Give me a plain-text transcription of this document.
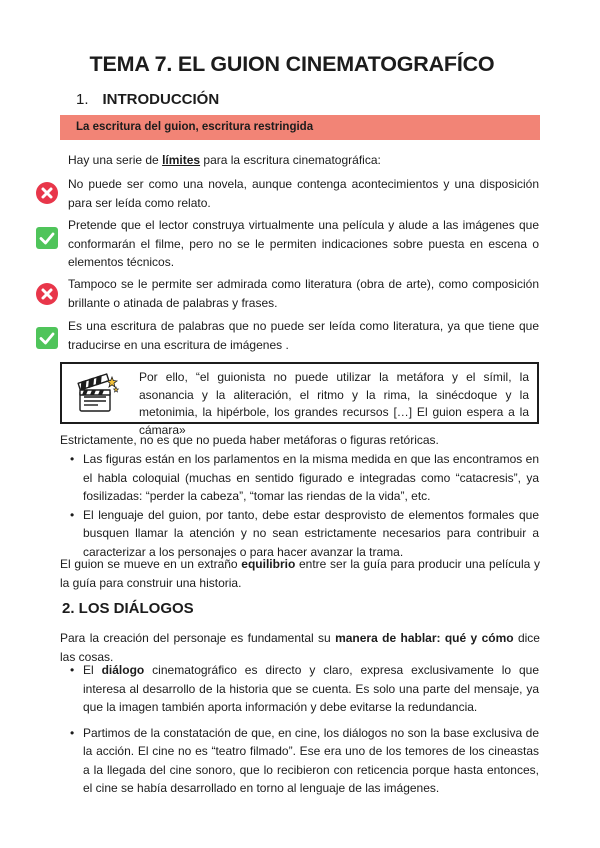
TEMA 7. EL GUION CINEMATOGRAFÍCO
1. INTRODUCCIÓN
La escritura del guion, escritura restringida
Hay una serie de límites para la escritura cinematográfica:
No puede ser como una novela, aunque contenga acontecimientos y una disposición para ser leída como relato.
Pretende que el lector construya virtualmente una película y alude a las imágenes que conformarán el filme, pero no se le permiten indicaciones sobre puesta en escena o elementos técnicos.
Tampoco se le permite ser admirada como literatura (obra de arte), como composición brillante o atinada de palabras y frases.
Es una escritura de palabras que no puede ser leída como literatura, ya que tiene que traducirse en una escritura de imágenes .
Por ello, “el guionista no puede utilizar la metáfora y el símil, la asonancia y la aliteración, el ritmo y la rima, la sinécdoque y la metonimia, la hipérbole, los grandes recursos […] El guion espera a la cámara»
Estrictamente, no es que no pueda haber metáforas o figuras retóricas.
• Las figuras están en los parlamentos en la misma medida en que las encontramos en el habla coloquial (muchas en sentido figurado e integradas como “catacresis”, ya fosilizadas: “perder la cabeza”, “tomar las riendas de la vida”, etc.
• El lenguaje del guion, por tanto, debe estar desprovisto de elementos formales que busquen llamar la atención y no sean estrictamente necesarios para contribuir a caracterizar a los personajes o para hacer avanzar la trama.
El guion se mueve en un extraño equilibrio entre ser la guía para producir una película y la guía para construir una historia.
2. LOS DIÁLOGOS
Para la creación del personaje es fundamental su manera de hablar: qué y cómo dice las cosas.
• El diálogo cinematográfico es directo y claro, expresa exclusivamente lo que interesa al desarrollo de la historia que se cuenta. Es solo una parte del mensaje, ya que la imagen también aporta información y debe evitarse la redundancia.
• Partimos de la constatación de que, en cine, los diálogos no son la base exclusiva de la acción. El cine no es “teatro filmado”. Ese era uno de los temores de los cineastas a la llegada del cine sonoro, que lo recibieron con reticencia porque hasta entonces, el cine se había desarrollado en torno al lenguaje de las imágenes.
